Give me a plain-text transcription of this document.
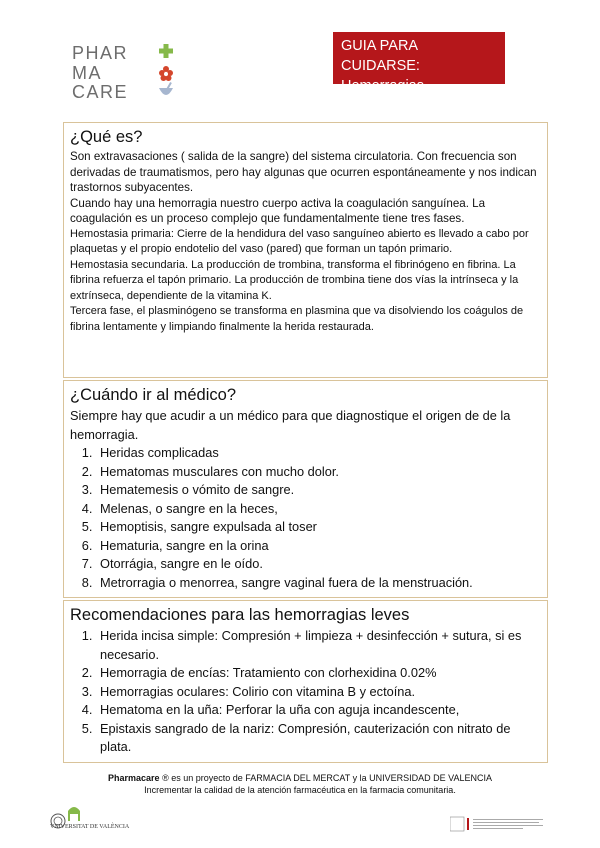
PHAR
MA
CARE
GUIA PARA CUIDARSE:
Hemorragias
¿Qué es?

Son extravasaciones ( salida de la sangre) del sistema circulatoria. Con frecuencia son derivadas de traumatismos, pero hay algunas que ocurren espontáneamente y nos indican trastornos subyacentes.

Cuando hay una hemorragia nuestro cuerpo activa la coagulación sanguínea. La coagulación es un proceso complejo que fundamentalmente tiene tres fases.

Hemostasia primaria: Cierre de la hendidura del vaso sanguíneo abierto es llevado a cabo por plaquetas y el propio endotelio del vaso (pared) que forman un tapón primario.

Hemostasia secundaria. La producción de trombina, transforma el fibrinógeno en fibrina. La fibrina refuerza el tapón primario. La producción de trombina tiene dos vías la intrínseca y la extrínseca, dependiente de la vitamina K.

Tercera fase, el plasminógeno se transforma en plasmina que va disolviendo los coágulos de fibrina lentamente y limpiando finalmente la herida restaurada.

¿Cuándo ir al médico?

Siempre hay que acudir a un médico para que diagnostique el origen de de la hemorragia.

1. Heridas complicadas
2. Hematomas musculares con mucho dolor.
3. Hematemesis o vómito de sangre.
4. Melenas, o sangre en la heces,
5. Hemoptisis, sangre expulsada al toser
6. Hematuria, sangre en la orina
7. Otorrágia, sangre en le oído.
8. Metrorragia o menorrea, sangre vaginal fuera de la menstruación.
Recomendaciones para las hemorragias leves
1. Herida incisa simple: Compresión + limpieza + desinfección + sutura, si es necesario.
2. Hemorragia de encías: Tratamiento con clorhexidina 0.02%
3. Hemorragias oculares: Colirio con vitamina B y ectoína.
4. Hematoma en la uña: Perforar la uña con aguja incandescente,
5. Epistaxis sangrado de la nariz: Compresión, cauterización con nitrato de plata.
Pharmacare ® es un proyecto de FARMACIA DEL MERCAT y la UNIVERSIDAD DE VALENCIA
Incrementar la calidad de la atención farmacéutica en la farmacia comunitaria.
VNIVERSITAT DE VALÈNCIA
